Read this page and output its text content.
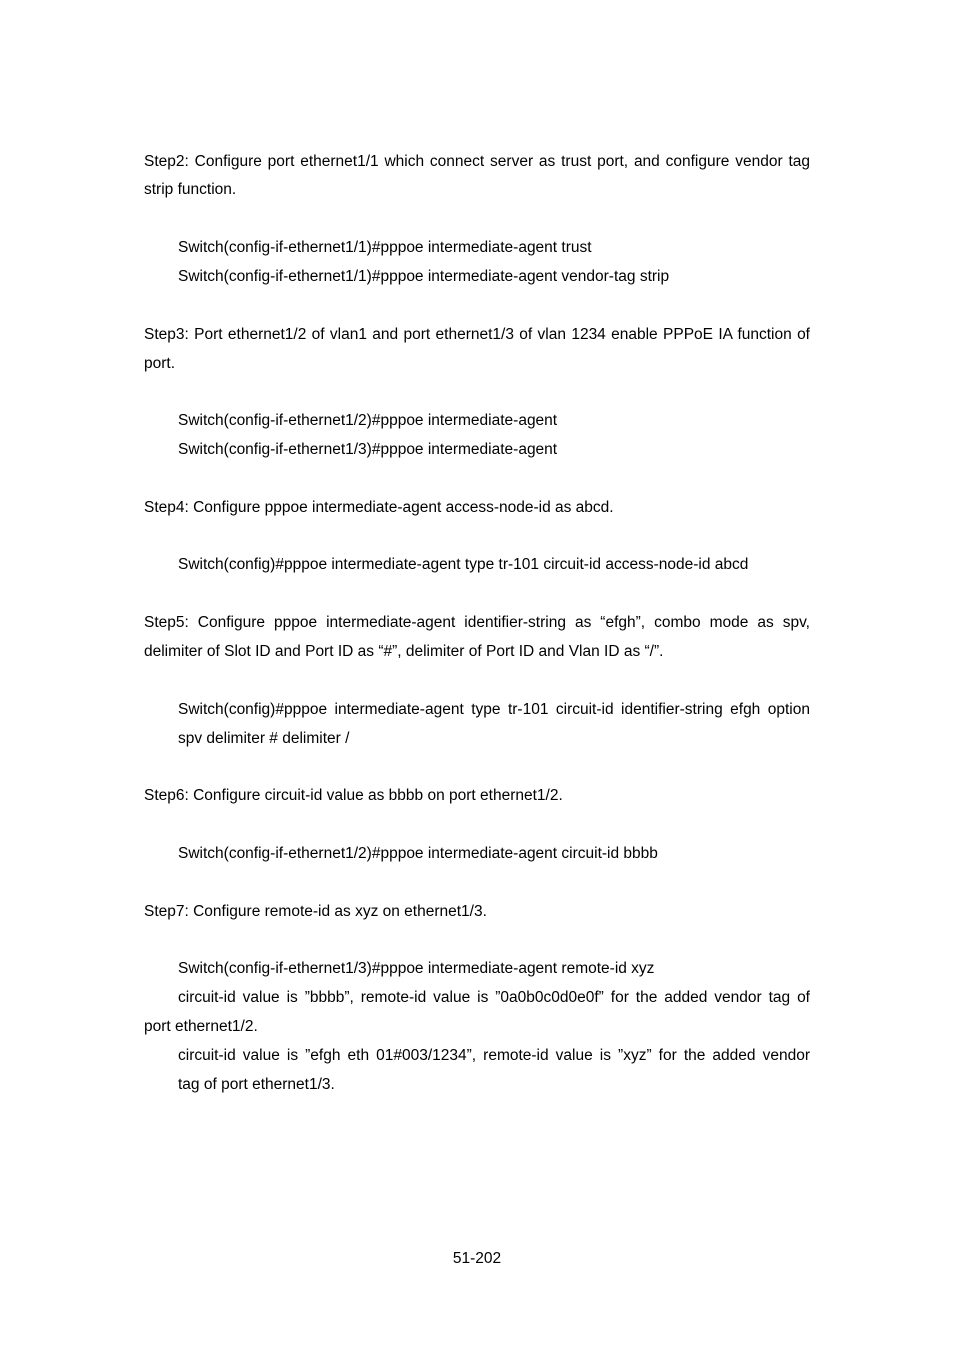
Step2: Configure port ethernet1/1 which connect server as trust port, and configure vendor tag
strip function.
Switch(config-if-ethernet1/1)#pppoe intermediate-agent trust
Switch(config-if-ethernet1/1)#pppoe intermediate-agent vendor-tag strip
Step3: Port ethernet1/2 of vlan1 and port ethernet1/3 of vlan 1234 enable PPPoE IA function of
port.
Switch(config-if-ethernet1/2)#pppoe intermediate-agent
Switch(config-if-ethernet1/3)#pppoe intermediate-agent
Step4: Configure pppoe intermediate-agent access-node-id as abcd.
Switch(config)#pppoe intermediate-agent type tr-101 circuit-id access-node-id abcd
Step5: Configure pppoe intermediate-agent identifier-string as “efgh”, combo mode as spv,
delimiter of Slot ID and Port ID as “#”, delimiter of Port ID and Vlan ID as “/”.
Switch(config)#pppoe intermediate-agent type tr-101 circuit-id identifier-string efgh option
spv delimiter # delimiter /
Step6: Configure circuit-id value as bbbb on port ethernet1/2.
Switch(config-if-ethernet1/2)#pppoe intermediate-agent circuit-id bbbb
Step7: Configure remote-id as xyz on ethernet1/3.
Switch(config-if-ethernet1/3)#pppoe intermediate-agent remote-id xyz
circuit-id value is ”bbbb”, remote-id value is ”0a0b0c0d0e0f” for the added vendor tag of
port ethernet1/2.
circuit-id value is ”efgh eth 01#003/1234”, remote-id value is ”xyz” for the added vendor
tag of port ethernet1/3.
51-202
